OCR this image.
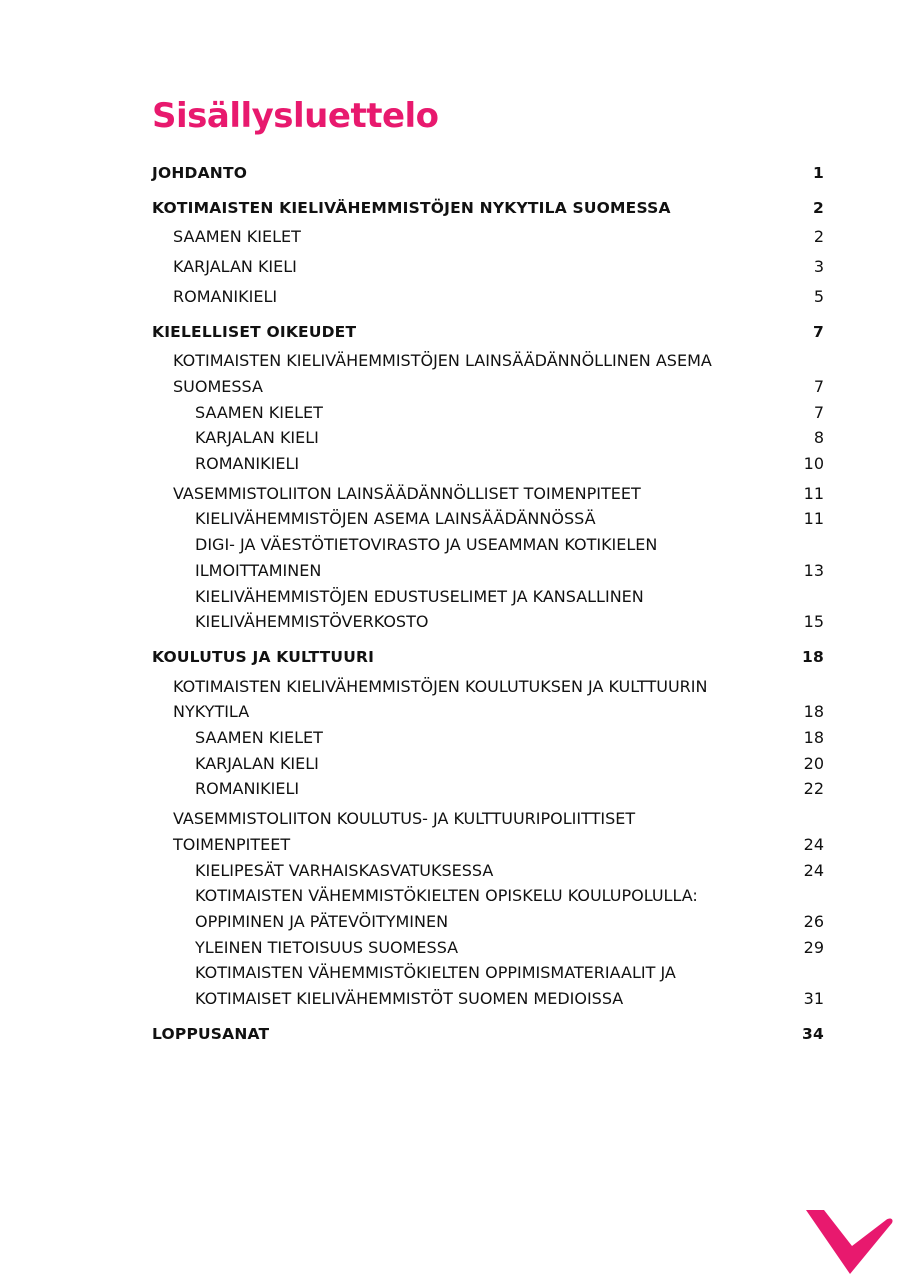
Sisällysluettelo
JOHDANTO	1
KOTIMAISTEN KIELIVÄHEMMISTÖJEN NYKYTILA SUOMESSA	2
SAAMEN KIELET	2
KARJALAN KIELI	3
ROMANIKIELI	5
KIELELLISET OIKEUDET	7
KOTIMAISTEN KIELIVÄHEMMISTÖJEN LAINSÄÄDÄNNÖLLINEN ASEMA
SUOMESSA	7
SAAMEN KIELET	7
KARJALAN KIELI	8
ROMANIKIELI	10
VASEMMISTOLIITON LAINSÄÄDÄNNÖLLISET TOIMENPITEET	11
KIELIVÄHEMMISTÖJEN ASEMA LAINSÄÄDÄNNÖSSÄ	11
DIGI- JA VÄESTÖTIETOVIRASTO JA USEAMMAN KOTIKIELEN
ILMOITTAMINEN	13
KIELIVÄHEMMISTÖJEN EDUSTUSELIMET JA KANSALLINEN
KIELIVÄHEMMISTÖVERKOSTO	15
KOULUTUS JA KULTTUURI	18
KOTIMAISTEN KIELIVÄHEMMISTÖJEN KOULUTUKSEN JA KULTTUURIN
NYKYTILA	18
SAAMEN KIELET	18
KARJALAN KIELI	20
ROMANIKIELI	22
VASEMMISTOLIITON KOULUTUS- JA KULTTUURIPOLIITTISET
TOIMENPITEET	24
KIELIPESÄT VARHAISKASVATUKSESSA	24
KOTIMAISTEN VÄHEMMISTÖKIELTEN OPISKELU KOULUPOLULLA:
OPPIMINEN JA PÄTEVÖITYMINEN	26
YLEINEN TIETOISUUS SUOMESSA	29
KOTIMAISTEN VÄHEMMISTÖKIELTEN OPPIMISMATERIAALIT JA
KOTIMAISET KIELIVÄHEMMISTÖT SUOMEN MEDIOISSA	31
LOPPUSANAT	34
